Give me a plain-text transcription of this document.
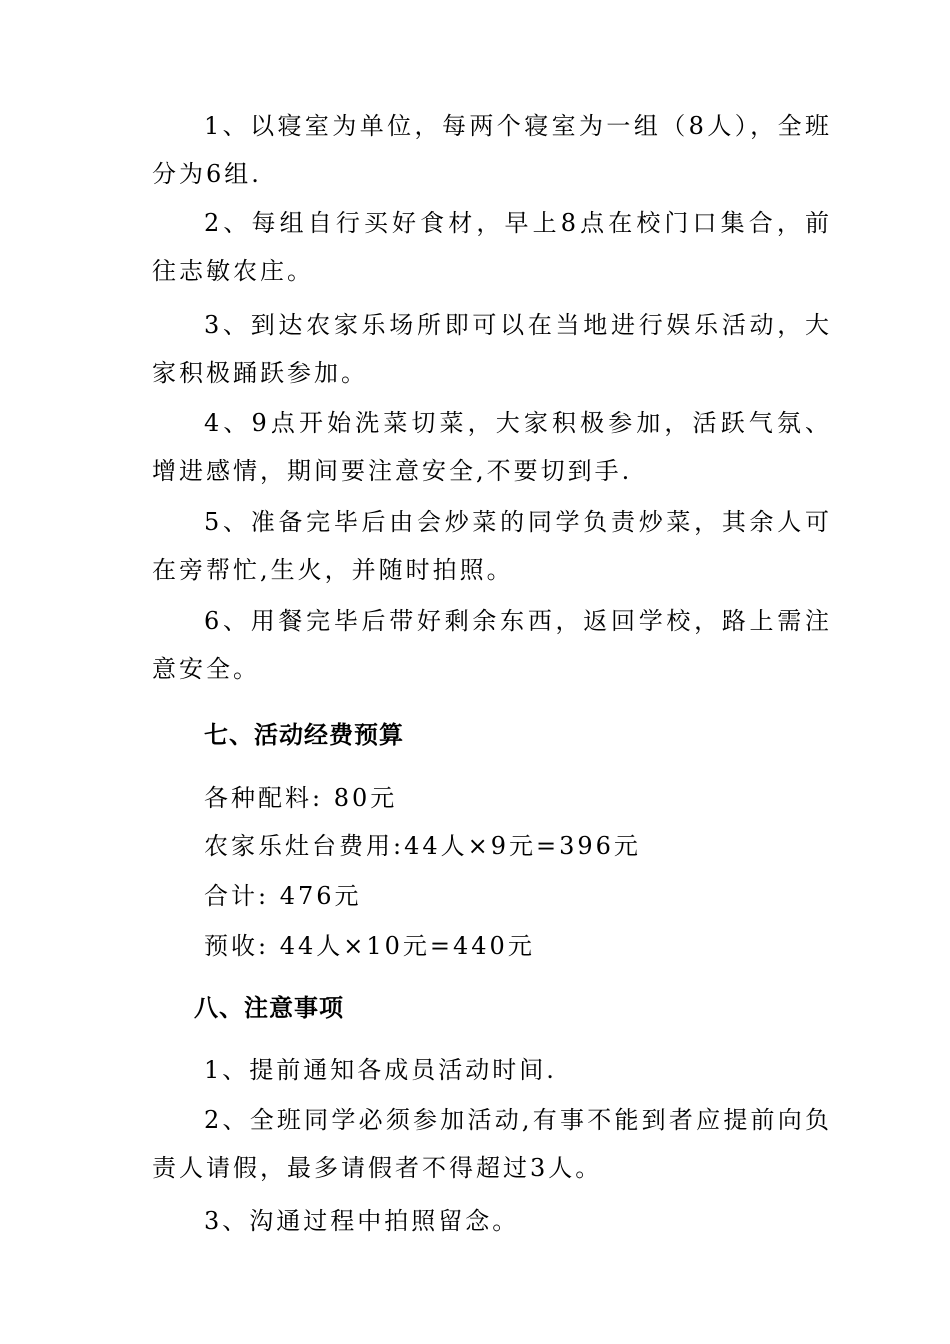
1、以寝室为单位，每两个寝室为一组（8人），全班分为6组.

2、每组自行买好食材，早上8点在校门口集合，前往志敏农庄。

3、到达农家乐场所即可以在当地进行娱乐活动，大家积极踊跃参加。

4、9点开始洗菜切菜，大家积极参加，活跃气氛、增进感情，期间要注意安全,不要切到手.

5、准备完毕后由会炒菜的同学负责炒菜，其余人可在旁帮忙,生火，并随时拍照。

6、用餐完毕后带好剩余东西，返回学校，路上需注意安全。

七、活动经费预算
各种配料: 80元
农家乐灶台费用:44人×9元=396元
合计: 476元
预收: 44人×10元=440元
八、注意事项
1、提前通知各成员活动时间.

2、全班同学必须参加活动,有事不能到者应提前向负责人请假，最多请假者不得超过3人。

3、沟通过程中拍照留念。
